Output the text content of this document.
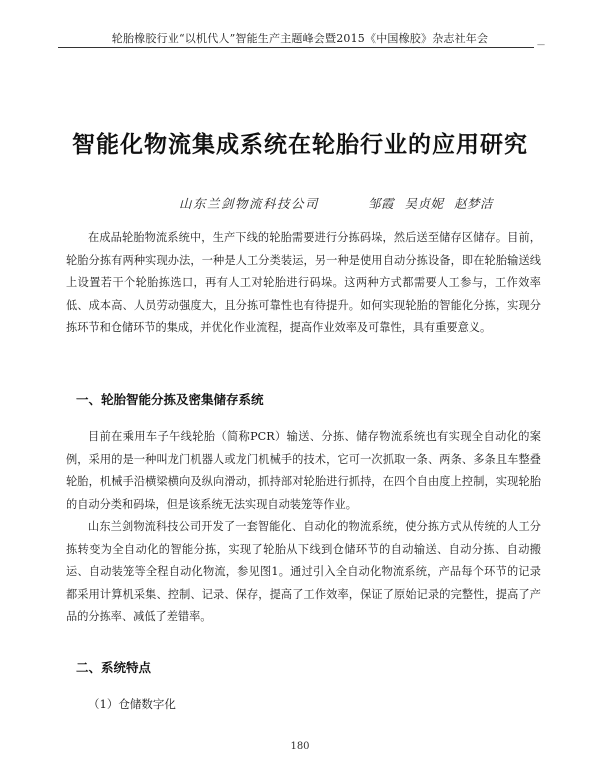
轮胎橡胶行业“以机代人”智能生产主题峰会暨2015《中国橡胶》杂志社年会	—
智能化物流集成系统在轮胎行业的应用研究
山东兰剑物流科技公司	邹霞 吴贞妮 赵梦洁

在成品轮胎物流系统中，生产下线的轮胎需要进行分拣码垛，然后送至储存区储存。目前，轮胎分拣有两种实现办法，一种是人工分类装运，另一种是使用自动分拣设备，即在轮胎输送线上设置若干个轮胎拣选口，再有人工对轮胎进行码垛。这两种方式都需要人工参与，工作效率低、成本高、人员劳动强度大，且分拣可靠性也有待提升。如何实现轮胎的智能化分拣，实现分拣环节和仓储环节的集成，并优化作业流程，提高作业效率及可靠性，具有重要意义。

一、轮胎智能分拣及密集储存系统

目前在乘用车子午线轮胎（简称PCR）输送、分拣、储存物流系统也有实现全自动化的案例，采用的是一种叫龙门机器人或龙门机械手的技术，它可一次抓取一条、两条、多条且车整叠轮胎，机械手沿横梁横向及纵向滑动，抓持部对轮胎进行抓持，在四个自由度上控制，实现轮胎的自动分类和码垛，但是该系统无法实现自动装笼等作业。

山东兰剑物流科技公司开发了一套智能化、自动化的物流系统，使分拣方式从传统的人工分拣转变为全自动化的智能分拣，实现了轮胎从下线到仓储环节的自动输送、自动分拣、自动搬运、自动装笼等全程自动化物流，参见图1。通过引入全自动化物流系统，产品每个环节的记录都采用计算机采集、控制、记录、保存，提高了工作效率，保证了原始记录的完整性，提高了产品的分拣率、减低了差错率。

二、系统特点
（1）仓储数字化
180
